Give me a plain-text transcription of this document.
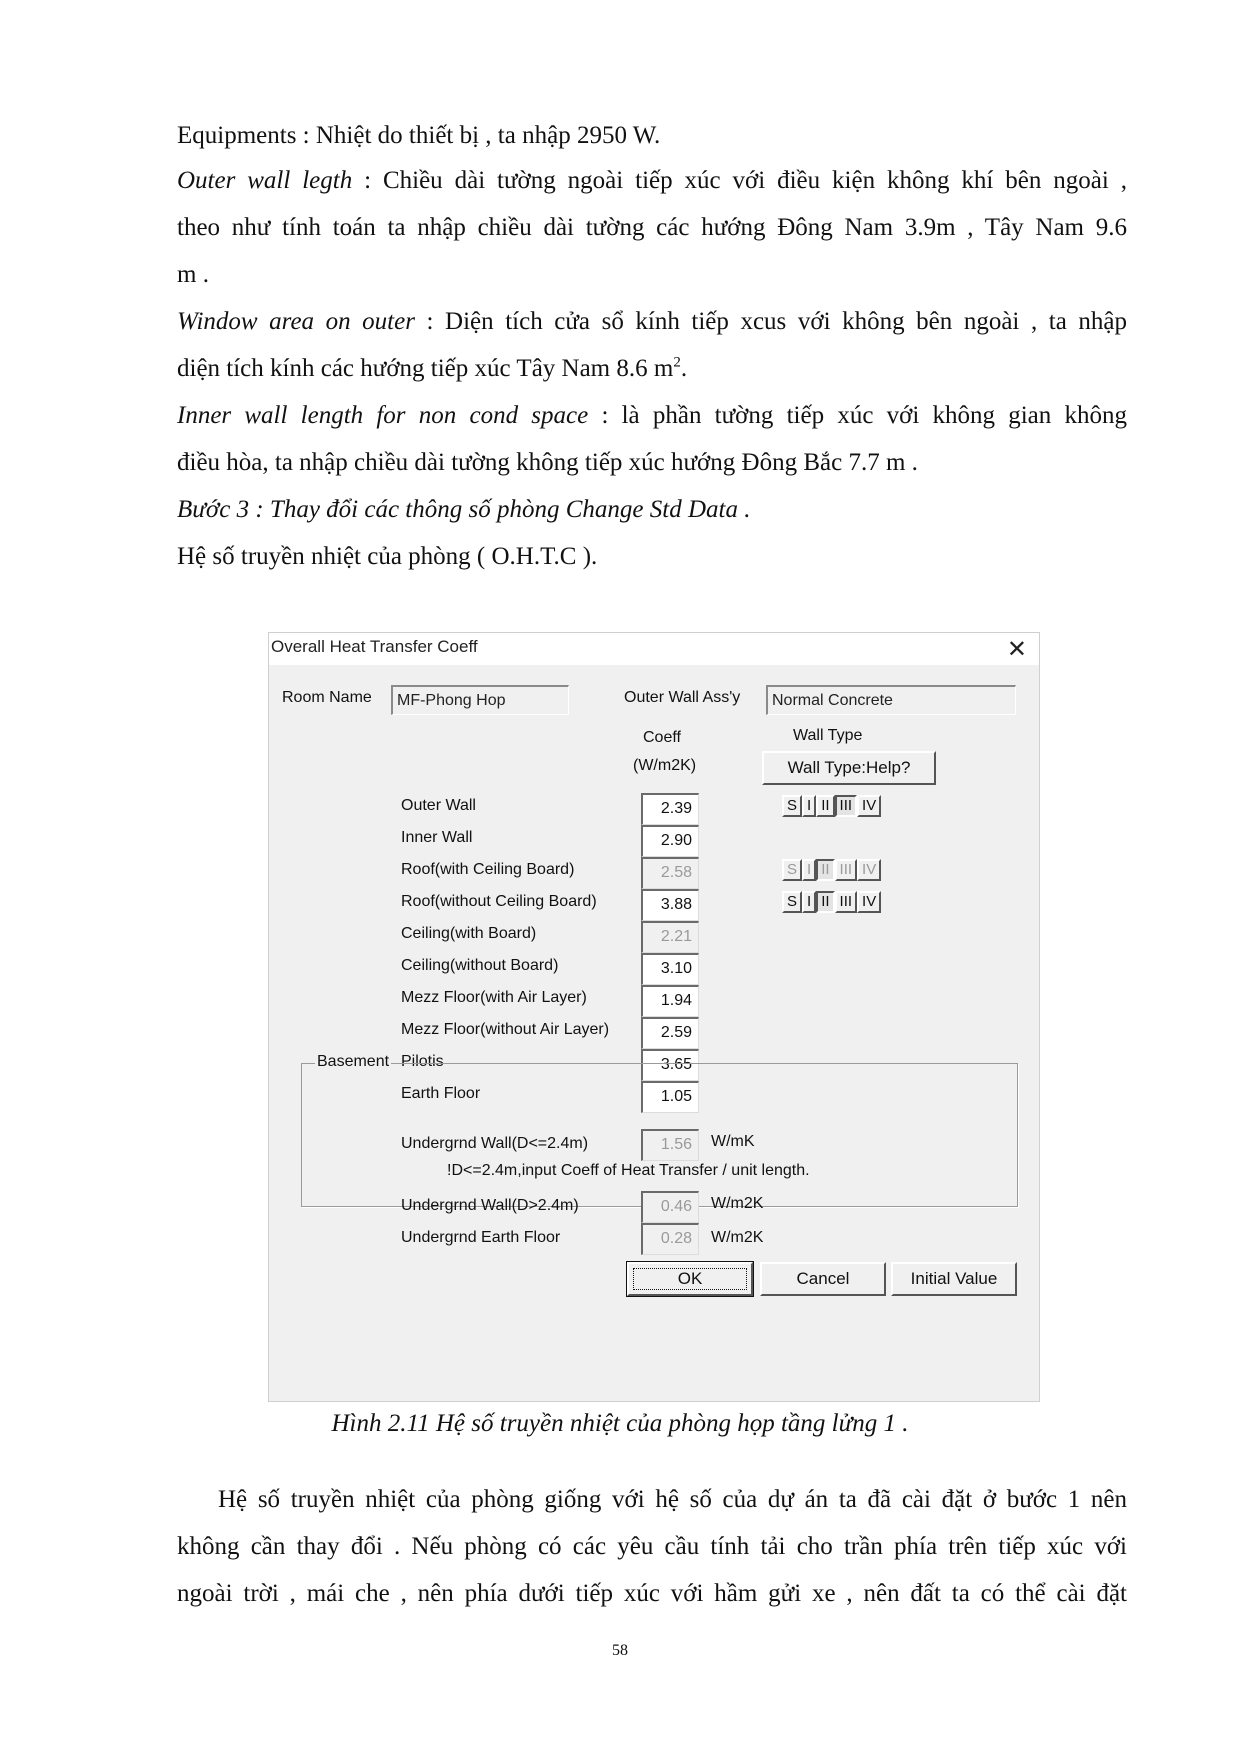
Equipments : Nhiệt do thiết bị , ta nhập 2950 W.

Outer wall legth : Chiều dài tường ngoài tiếp xúc với điều kiện không khí bên ngoài ,

theo như tính toán ta nhập chiều dài tường các hướng Đông Nam 3.9m , Tây Nam 9.6

m .

Window area on outer : Diện tích cửa sổ kính tiếp xcus với không bên ngoài , ta nhập

diện tích kính các hướng tiếp xúc Tây Nam 8.6 $m^2$.

Inner wall length for non cond space : là phần tường tiếp xúc với không gian không

điều hòa, ta nhập chiều dài tường không tiếp xúc hướng Đông Bắc 7.7 m .

Bước 3 : Thay đổi các thông số phòng Change Std Data .

Hệ số truyền nhiệt của phòng ( O.H.T.C ).

Overall Heat Transfer Coeff	✕
Room Name	MF-Phong Hop	Outer Wall Ass'y	Normal Concrete
Coeff
(W/m2K)
Wall Type
Wall Type:Help?
Outer Wall	2.39
Inner Wall	2.90
Roof(with Ceiling Board)	2.58
Roof(without Ceiling Board)	3.88
Ceiling(with Board)	2.21
Ceiling(without Board)	3.10
Mezz Floor(with Air Layer)	1.94
Mezz Floor(without Air Layer)	2.59
Pilotis	3.65
Earth Floor	1.05
S I II III IV
S I II III IV
S I II III IV
Basement
Undergrnd Wall(D<=2.4m)	1.56	W/mK
!D<=2.4m,input Coeff of Heat Transfer / unit length.
Undergrnd Wall(D>2.4m)	0.46	W/m2K
Undergrnd Earth Floor	0.28	W/m2K
OK	Cancel	Initial Value
Hình 2.11 Hệ số truyền nhiệt của phòng họp tầng lửng 1 .

Hệ số truyền nhiệt của phòng giống với hệ số của dự án ta đã cài đặt ở bước 1 nên

không cần thay đổi . Nếu phòng có các yêu cầu tính tải cho trần phía trên tiếp xúc với

ngoài trời , mái che , nên phía dưới tiếp xúc với hầm gửi xe , nên đất ta có thể cài đặt

58
